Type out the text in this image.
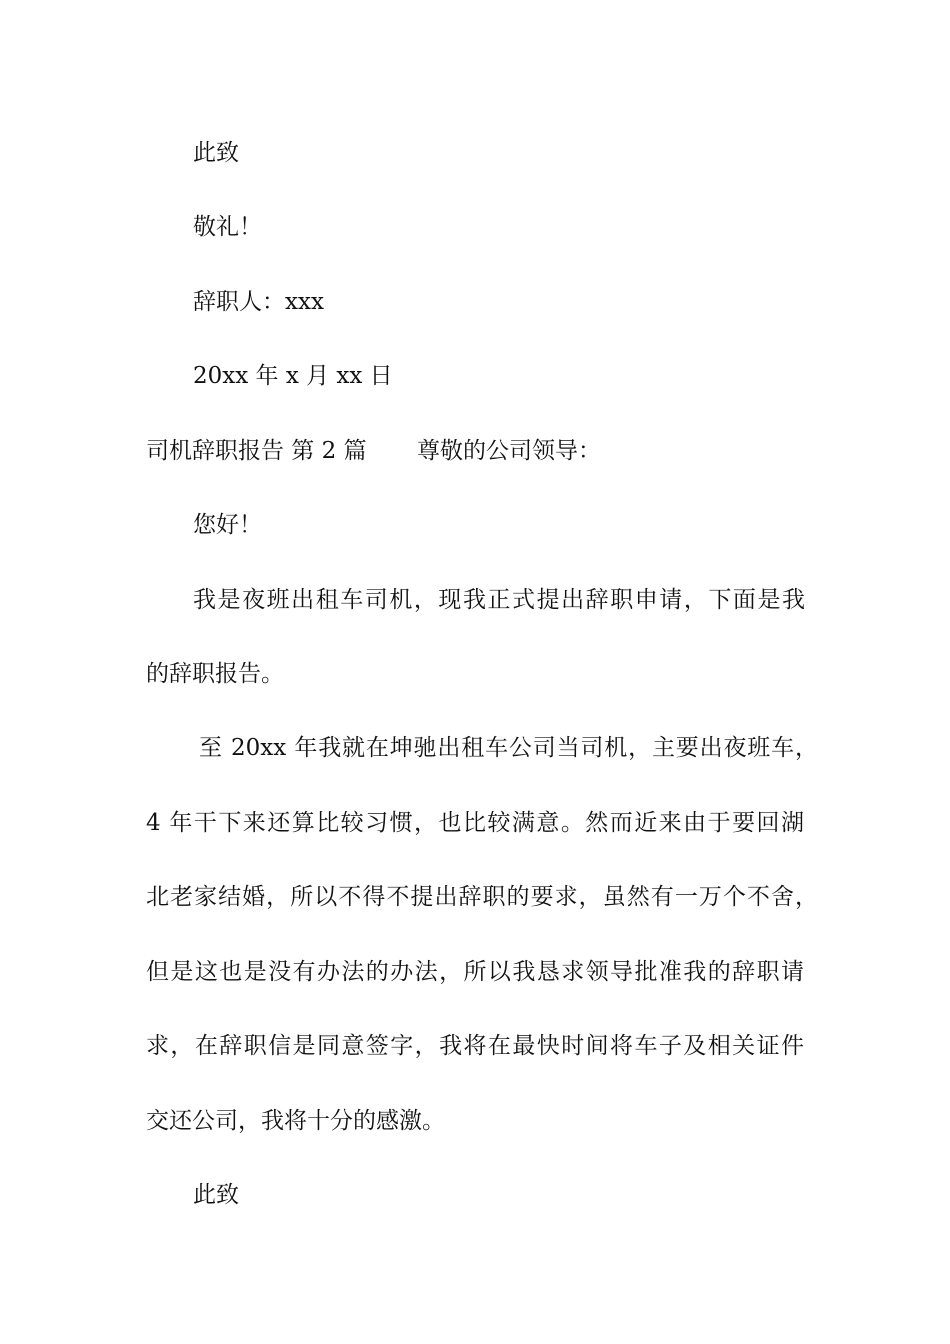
此致
敬礼！
辞职人：xxx
20xx 年 x 月 xx 日
司机辞职报告 第 2 篇 尊敬的公司领导：
您好！
我是夜班出租车司机，现我正式提出辞职申请，下面是我
的辞职报告。
至 20xx 年我就在坤驰出租车公司当司机，主要出夜班车，
4 年干下来还算比较习惯，也比较满意。然而近来由于要回湖
北老家结婚，所以不得不提出辞职的要求，虽然有一万个不舍，
但是这也是没有办法的办法，所以我恳求领导批准我的辞职请
求，在辞职信是同意签字，我将在最快时间将车子及相关证件
交还公司，我将十分的感激。
此致
